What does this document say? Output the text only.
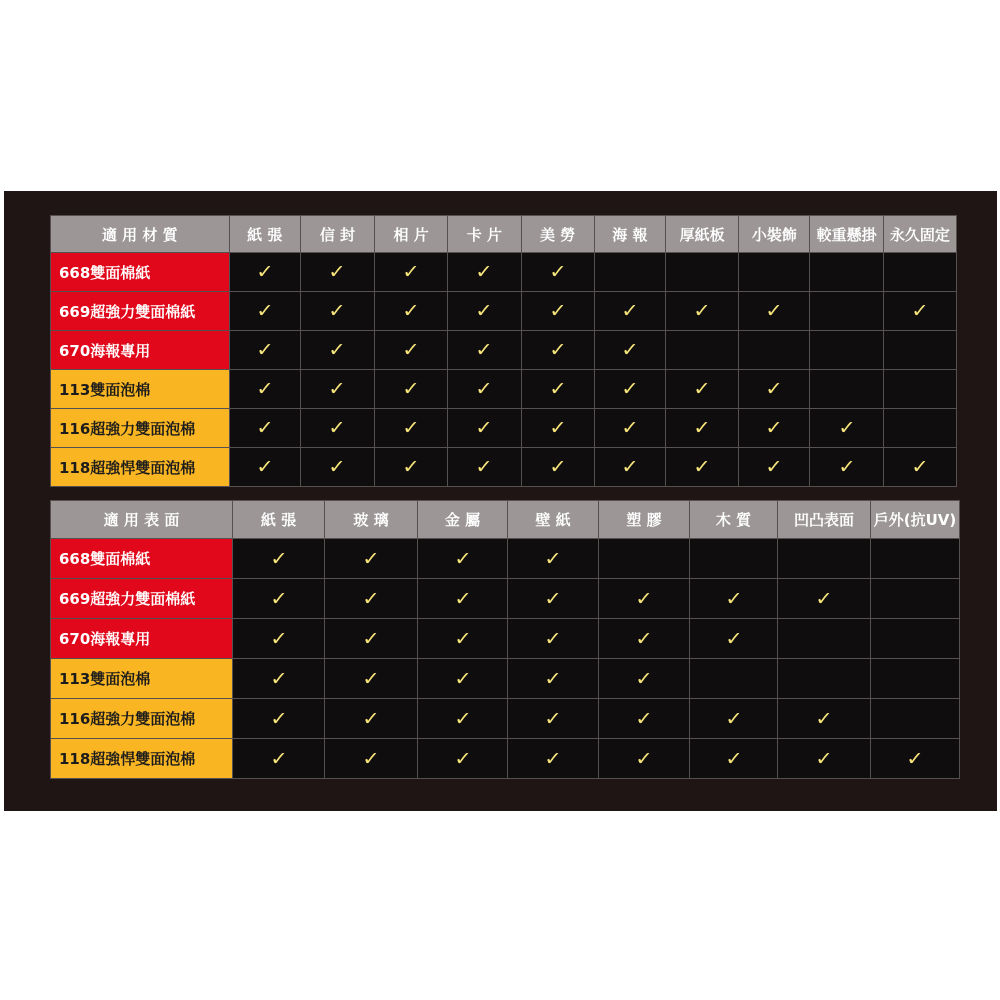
適 用 材 質	紙 張	信 封	相 片	卡 片	美 勞	海 報	厚紙板	小裝飾	較重懸掛	永久固定
668雙面棉紙	✓	✓	✓	✓	✓					
669超強力雙面棉紙	✓	✓	✓	✓	✓	✓	✓	✓		✓
670海報專用	✓	✓	✓	✓	✓	✓				
113雙面泡棉	✓	✓	✓	✓	✓	✓	✓	✓		
116超強力雙面泡棉	✓	✓	✓	✓	✓	✓	✓	✓	✓	
118超強悍雙面泡棉	✓	✓	✓	✓	✓	✓	✓	✓	✓	✓
適 用 表 面	紙 張	玻 璃	金 屬	壁 紙	塑 膠	木 質	凹凸表面	戶外(抗UV)
668雙面棉紙	✓	✓	✓	✓				
669超強力雙面棉紙	✓	✓	✓	✓	✓	✓	✓	
670海報專用	✓	✓	✓	✓	✓	✓		
113雙面泡棉	✓	✓	✓	✓	✓			
116超強力雙面泡棉	✓	✓	✓	✓	✓	✓	✓	
118超強悍雙面泡棉	✓	✓	✓	✓	✓	✓	✓	✓
